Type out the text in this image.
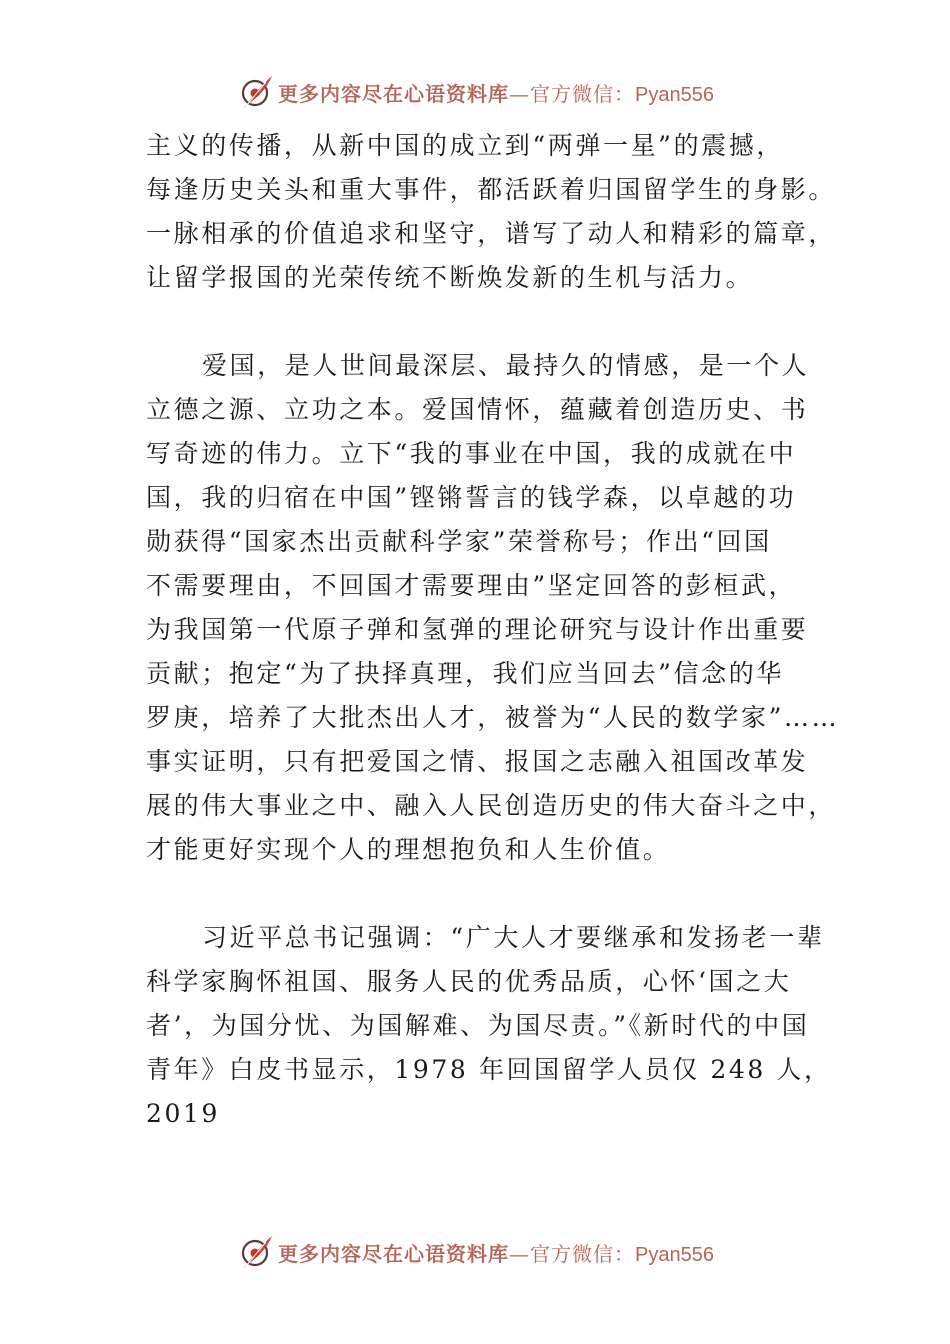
更多内容尽在心语资料库—官方微信：Pyan556

主义的传播，从新中国的成立到“两弹一星”的震撼，
每逢历史关头和重大事件，都活跃着归国留学生的身影。
一脉相承的价值追求和坚守，谱写了动人和精彩的篇章，
让留学报国的光荣传统不断焕发新的生机与活力。

爱国，是人世间最深层、最持久的情感，是一个人
立德之源、立功之本。爱国情怀，蕴藏着创造历史、书
写奇迹的伟力。立下“我的事业在中国，我的成就在中
国，我的归宿在中国”铿锵誓言的钱学森，以卓越的功
勋获得“国家杰出贡献科学家”荣誉称号；作出“回国
不需要理由，不回国才需要理由”坚定回答的彭桓武，
为我国第一代原子弹和氢弹的理论研究与设计作出重要
贡献；抱定“为了抉择真理，我们应当回去”信念的华
罗庚，培养了大批杰出人才，被誉为“人民的数学家”……
事实证明，只有把爱国之情、报国之志融入祖国改革发
展的伟大事业之中、融入人民创造历史的伟大奋斗之中，
才能更好实现个人的理想抱负和人生价值。

习近平总书记强调：“广大人才要继承和发扬老一辈
科学家胸怀祖国、服务人民的优秀品质，心怀‘国之大
者’，为国分忧、为国解难、为国尽责。”《新时代的中国
青年》白皮书显示，1978 年回国留学人员仅 248 人，
2019

更多内容尽在心语资料库—官方微信：Pyan556
